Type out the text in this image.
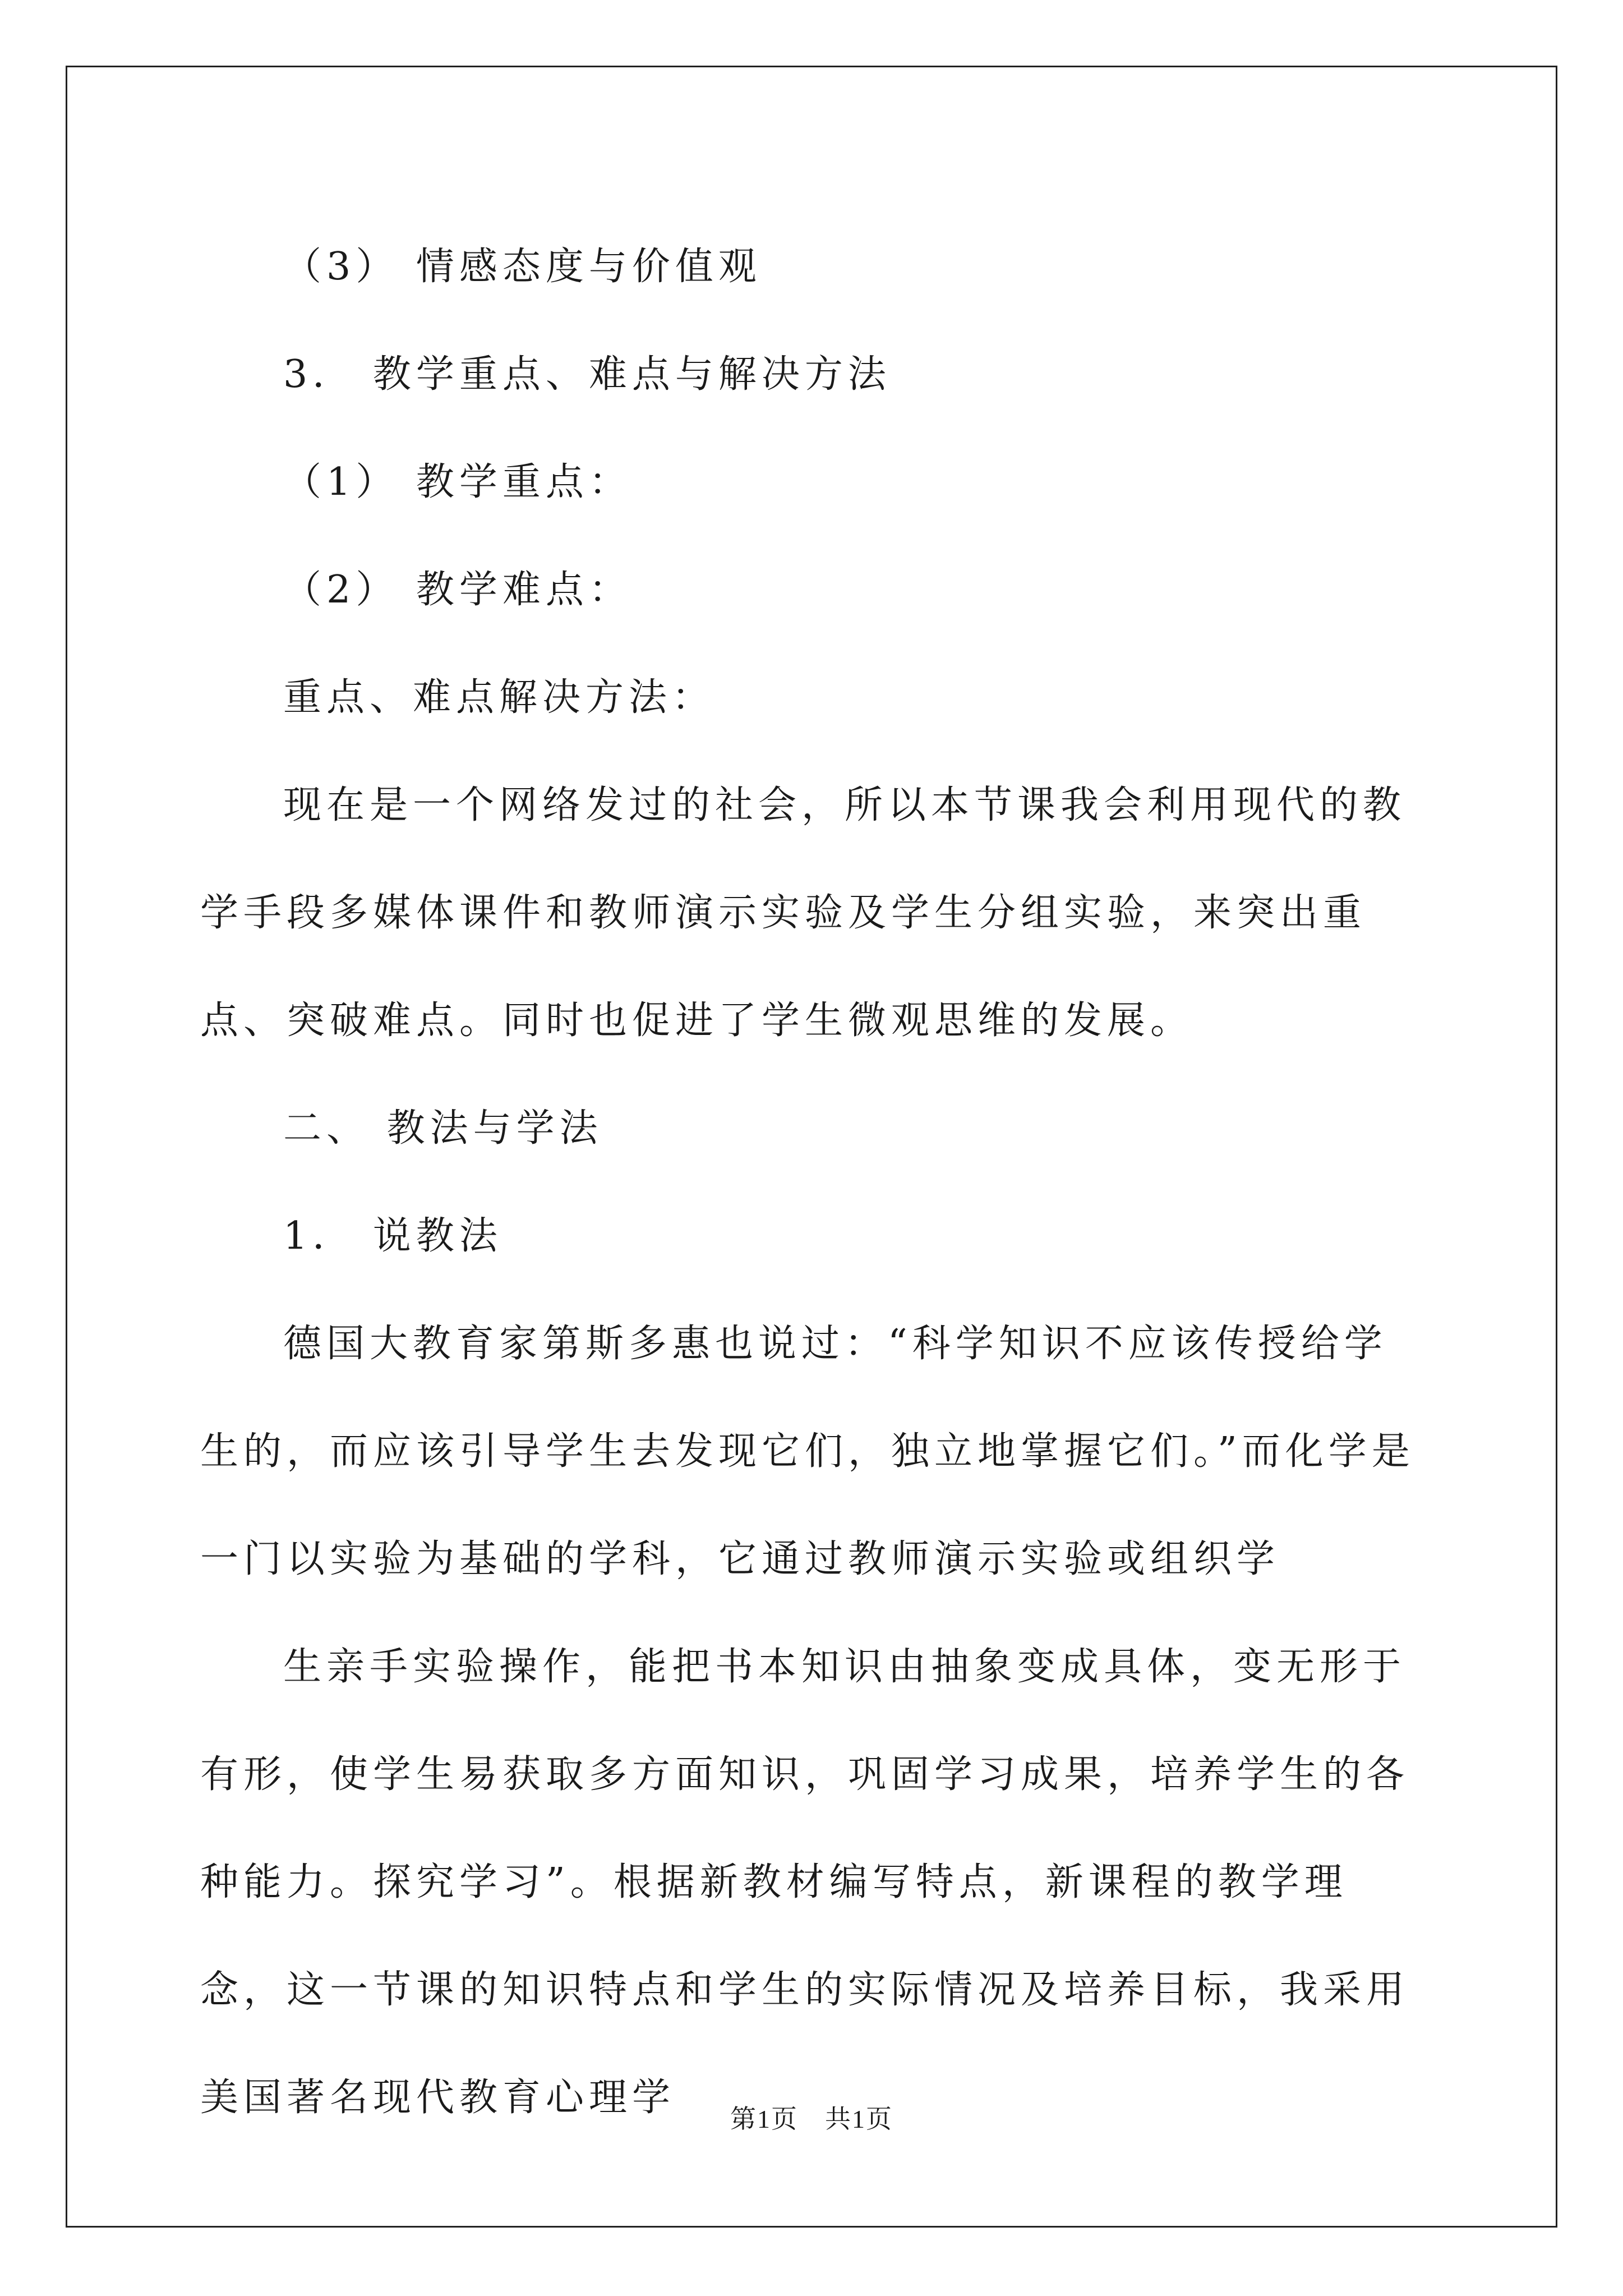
（3） 情感态度与价值观

3． 教学重点、难点与解决方法

（1） 教学重点：

（2） 教学难点：

重点、难点解决方法：

现在是一个网络发过的社会，所以本节课我会利用现代的教学手段多媒体课件和教师演示实验及学生分组实验，来突出重点、突破难点。同时也促进了学生微观思维的发展。

二、 教法与学法

1． 说教法

德国大教育家第斯多惠也说过：“科学知识不应该传授给学生的，而应该引导学生去发现它们，独立地掌握它们。”而化学是一门以实验为基础的学科，它通过教师演示实验或组织学

生亲手实验操作，能把书本知识由抽象变成具体，变无形于有形，使学生易获取多方面知识，巩固学习成果，培养学生的各种能力。探究学习”。根据新教材编写特点，新课程的教学理念，这一节课的知识特点和学生的实际情况及培养目标，我采用美国著名现代教育心理学	第1页　共1页
